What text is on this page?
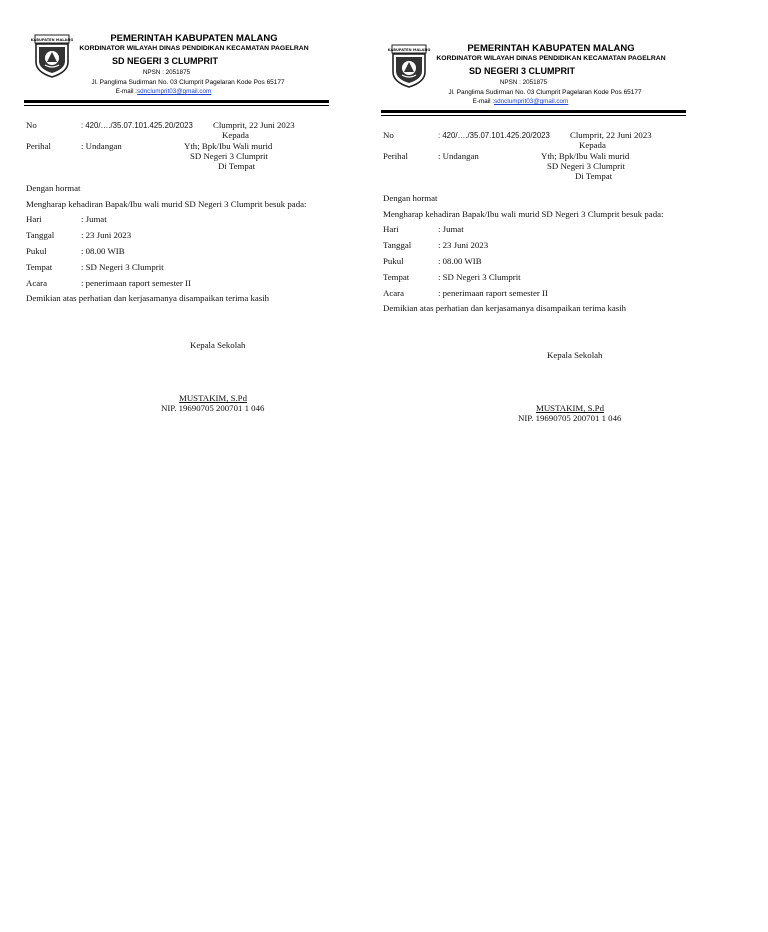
KABUPATEN MALANG	PEMERINTAH KABUPATEN MALANG
KORDINATOR WILAYAH DINAS PENDIDIKAN KECAMATAN PAGELRAN
SD NEGERI 3 CLUMPRIT
NPSN : 2051875
Jl. Panglima Sudirman No. 03 Clumprit Pagelaran Kode Pos 65177
E-mail :sdnclumprit03@gmail.com
No	: 420/…./35.07.101.425.20/2023 Clumprit, 22 Juni 2023
Kepada
Perihal	: Undangan	Yth; Bpk/Ibu Wali murid
SD Negeri 3 Clumprit
Di Tempat
Dengan hormat
Mengharap kehadiran Bapak/Ibu wali murid SD Negeri 3 Clumprit besuk pada:
Hari	: Jumat
Tanggal	: 23 Juni 2023
Pukul	: 08.00 WIB
Tempat	: SD Negeri 3 Clumprit
Acara	: penerimaan raport semester II
Demikian atas perhatian dan kerjasamanya disampaikan terima kasih
Kepala Sekolah
MUSTAKIM, S.Pd
NIP. 19690705 200701 1 046
KABUPATEN MALANG	PEMERINTAH KABUPATEN MALANG
KORDINATOR WILAYAH DINAS PENDIDIKAN KECAMATAN PAGELRAN
SD NEGERI 3 CLUMPRIT
NPSN : 2051875
Jl. Panglima Sudirman No. 03 Clumprit Pagelaran Kode Pos 65177
E-mail :sdnclumprit03@gmail.com
No	: 420/…./35.07.101.425.20/2023 Clumprit, 22 Juni 2023
Kepada
Perihal	: Undangan	Yth; Bpk/Ibu Wali murid
SD Negeri 3 Clumprit
Di Tempat
Dengan hormat
Mengharap kehadiran Bapak/Ibu wali murid SD Negeri 3 Clumprit besuk pada:
Hari	: Jumat
Tanggal	: 23 Juni 2023
Pukul	: 08.00 WIB
Tempat	: SD Negeri 3 Clumprit
Acara	: penerimaan raport semester II
Demikian atas perhatian dan kerjasamanya disampaikan terima kasih
Kepala Sekolah
MUSTAKIM, S.Pd
NIP. 19690705 200701 1 046
